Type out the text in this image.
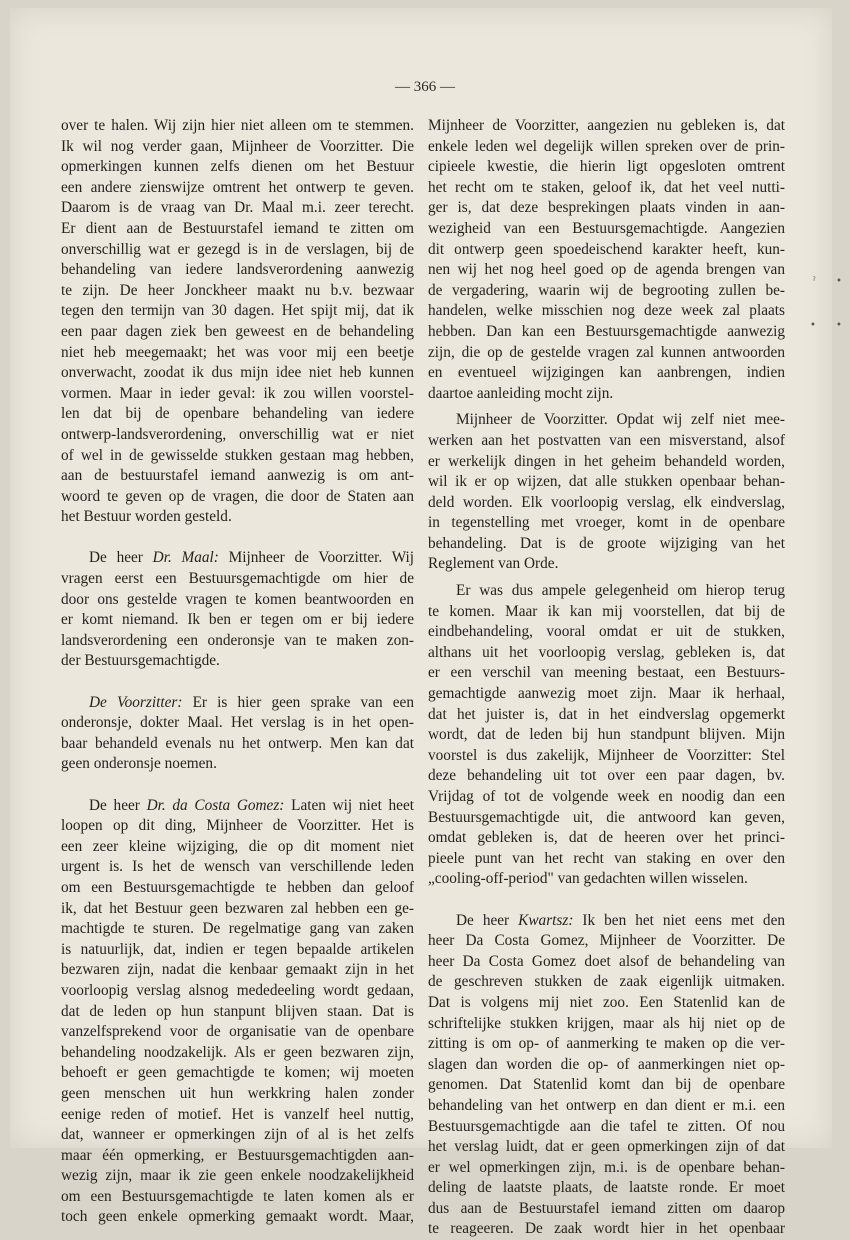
— 366 —
over te halen. Wij zijn hier niet alleen om te stemmen.
Ik wil nog verder gaan, Mijnheer de Voorzitter. Die
opmerkingen kunnen zelfs dienen om het Bestuur
een andere zienswijze omtrent het ontwerp te geven.
Daarom is de vraag van Dr. Maal m.i. zeer terecht.
Er dient aan de Bestuurstafel iemand te zitten om
onverschillig wat er gezegd is in de verslagen, bij de
behandeling van iedere landsverordening aanwezig
te zijn. De heer Jonckheer maakt nu b.v. bezwaar
tegen den termijn van 30 dagen. Het spijt mij, dat ik
een paar dagen ziek ben geweest en de behandeling
niet heb meegemaakt; het was voor mij een beetje
onverwacht, zoodat ik dus mijn idee niet heb kunnen
vormen. Maar in ieder geval: ik zou willen voorstel-
len dat bij de openbare behandeling van iedere
ontwerp-landsverordening, onverschillig wat er niet
of wel in de gewisselde stukken gestaan mag hebben,
aan de bestuurstafel iemand aanwezig is om ant-
woord te geven op de vragen, die door de Staten aan
het Bestuur worden gesteld.
De heer Dr. Maal: Mijnheer de Voorzitter. Wij
vragen eerst een Bestuursgemachtigde om hier de
door ons gestelde vragen te komen beantwoorden en
er komt niemand. Ik ben er tegen om er bij iedere
landsverordening een onderonsje van te maken zon-
der Bestuursgemachtigde.
De Voorzitter: Er is hier geen sprake van een
onderonsje, dokter Maal. Het verslag is in het open-
baar behandeld evenals nu het ontwerp. Men kan dat
geen onderonsje noemen.
De heer Dr. da Costa Gomez: Laten wij niet heet
loopen op dit ding, Mijnheer de Voorzitter. Het is
een zeer kleine wijziging, die op dit moment niet
urgent is. Is het de wensch van verschillende leden
om een Bestuursgemachtigde te hebben dan geloof
ik, dat het Bestuur geen bezwaren zal hebben een ge-
machtigde te sturen. De regelmatige gang van zaken
is natuurlijk, dat, indien er tegen bepaalde artikelen
bezwaren zijn, nadat die kenbaar gemaakt zijn in het
voorloopig verslag alsnog mededeeling wordt gedaan,
dat de leden op hun stanpunt blijven staan. Dat is
vanzelfsprekend voor de organisatie van de openbare
behandeling noodzakelijk. Als er geen bezwaren zijn,
behoeft er geen gemachtigde te komen; wij moeten
geen menschen uit hun werkkring halen zonder
eenige reden of motief. Het is vanzelf heel nuttig,
dat, wanneer er opmerkingen zijn of al is het zelfs
maar één opmerking, er Bestuursgemachtigden aan-
wezig zijn, maar ik zie geen enkele noodzakelijkheid
om een Bestuursgemachtigde te laten komen als er
toch geen enkele opmerking gemaakt wordt. Maar,
Mijnheer de Voorzitter, aangezien nu gebleken is, dat
enkele leden wel degelijk willen spreken over de prin-
cipieele kwestie, die hierin ligt opgesloten omtrent
het recht om te staken, geloof ik, dat het veel nutti-
ger is, dat deze besprekingen plaats vinden in aan-
wezigheid van een Bestuursgemachtigde. Aangezien
dit ontwerp geen spoedeischend karakter heeft, kun-
nen wij het nog heel goed op de agenda brengen van
de vergadering, waarin wij de begrooting zullen be-
handelen, welke misschien nog deze week zal plaats
hebben. Dan kan een Bestuursgemachtigde aanwezig
zijn, die op de gestelde vragen zal kunnen antwoorden
en eventueel wijzigingen kan aanbrengen, indien
daartoe aanleiding mocht zijn.
Mijnheer de Voorzitter. Opdat wij zelf niet mee-
werken aan het postvatten van een misverstand, alsof
er werkelijk dingen in het geheim behandeld worden,
wil ik er op wijzen, dat alle stukken openbaar behan-
deld worden. Elk voorloopig verslag, elk eindverslag,
in tegenstelling met vroeger, komt in de openbare
behandeling. Dat is de groote wijziging van het
Reglement van Orde.
Er was dus ampele gelegenheid om hierop terug
te komen. Maar ik kan mij voorstellen, dat bij de
eindbehandeling, vooral omdat er uit de stukken,
althans uit het voorloopig verslag, gebleken is, dat
er een verschil van meening bestaat, een Bestuurs-
gemachtigde aanwezig moet zijn. Maar ik herhaal,
dat het juister is, dat in het eindverslag opgemerkt
wordt, dat de leden bij hun standpunt blijven. Mijn
voorstel is dus zakelijk, Mijnheer de Voorzitter: Stel
deze behandeling uit tot over een paar dagen, bv.
Vrijdag of tot de volgende week en noodig dan een
Bestuursgemachtigde uit, die antwoord kan geven,
omdat gebleken is, dat de heeren over het princi-
pieele punt van het recht van staking en over den
„cooling-off-period" van gedachten willen wisselen.
De heer Kwartsz: Ik ben het niet eens met den
heer Da Costa Gomez, Mijnheer de Voorzitter. De
heer Da Costa Gomez doet alsof de behandeling van
de geschreven stukken de zaak eigenlijk uitmaken.
Dat is volgens mij niet zoo. Een Statenlid kan de
schriftelijke stukken krijgen, maar als hij niet op de
zitting is om op- of aanmerking te maken op die ver-
slagen dan worden die op- of aanmerkingen niet op-
genomen. Dat Statenlid komt dan bij de openbare
behandeling van het ontwerp en dan dient er m.i. een
Bestuursgemachtigde aan die tafel te zitten. Of nou
het verslag luidt, dat er geen opmerkingen zijn of dat
er wel opmerkingen zijn, m.i. is de openbare behan-
deling de laatste plaats, de laatste ronde. Er moet
dus aan de Bestuurstafel iemand zitten om daarop
te reageeren. De zaak wordt hier in het openbaar
ˀ •
• •
